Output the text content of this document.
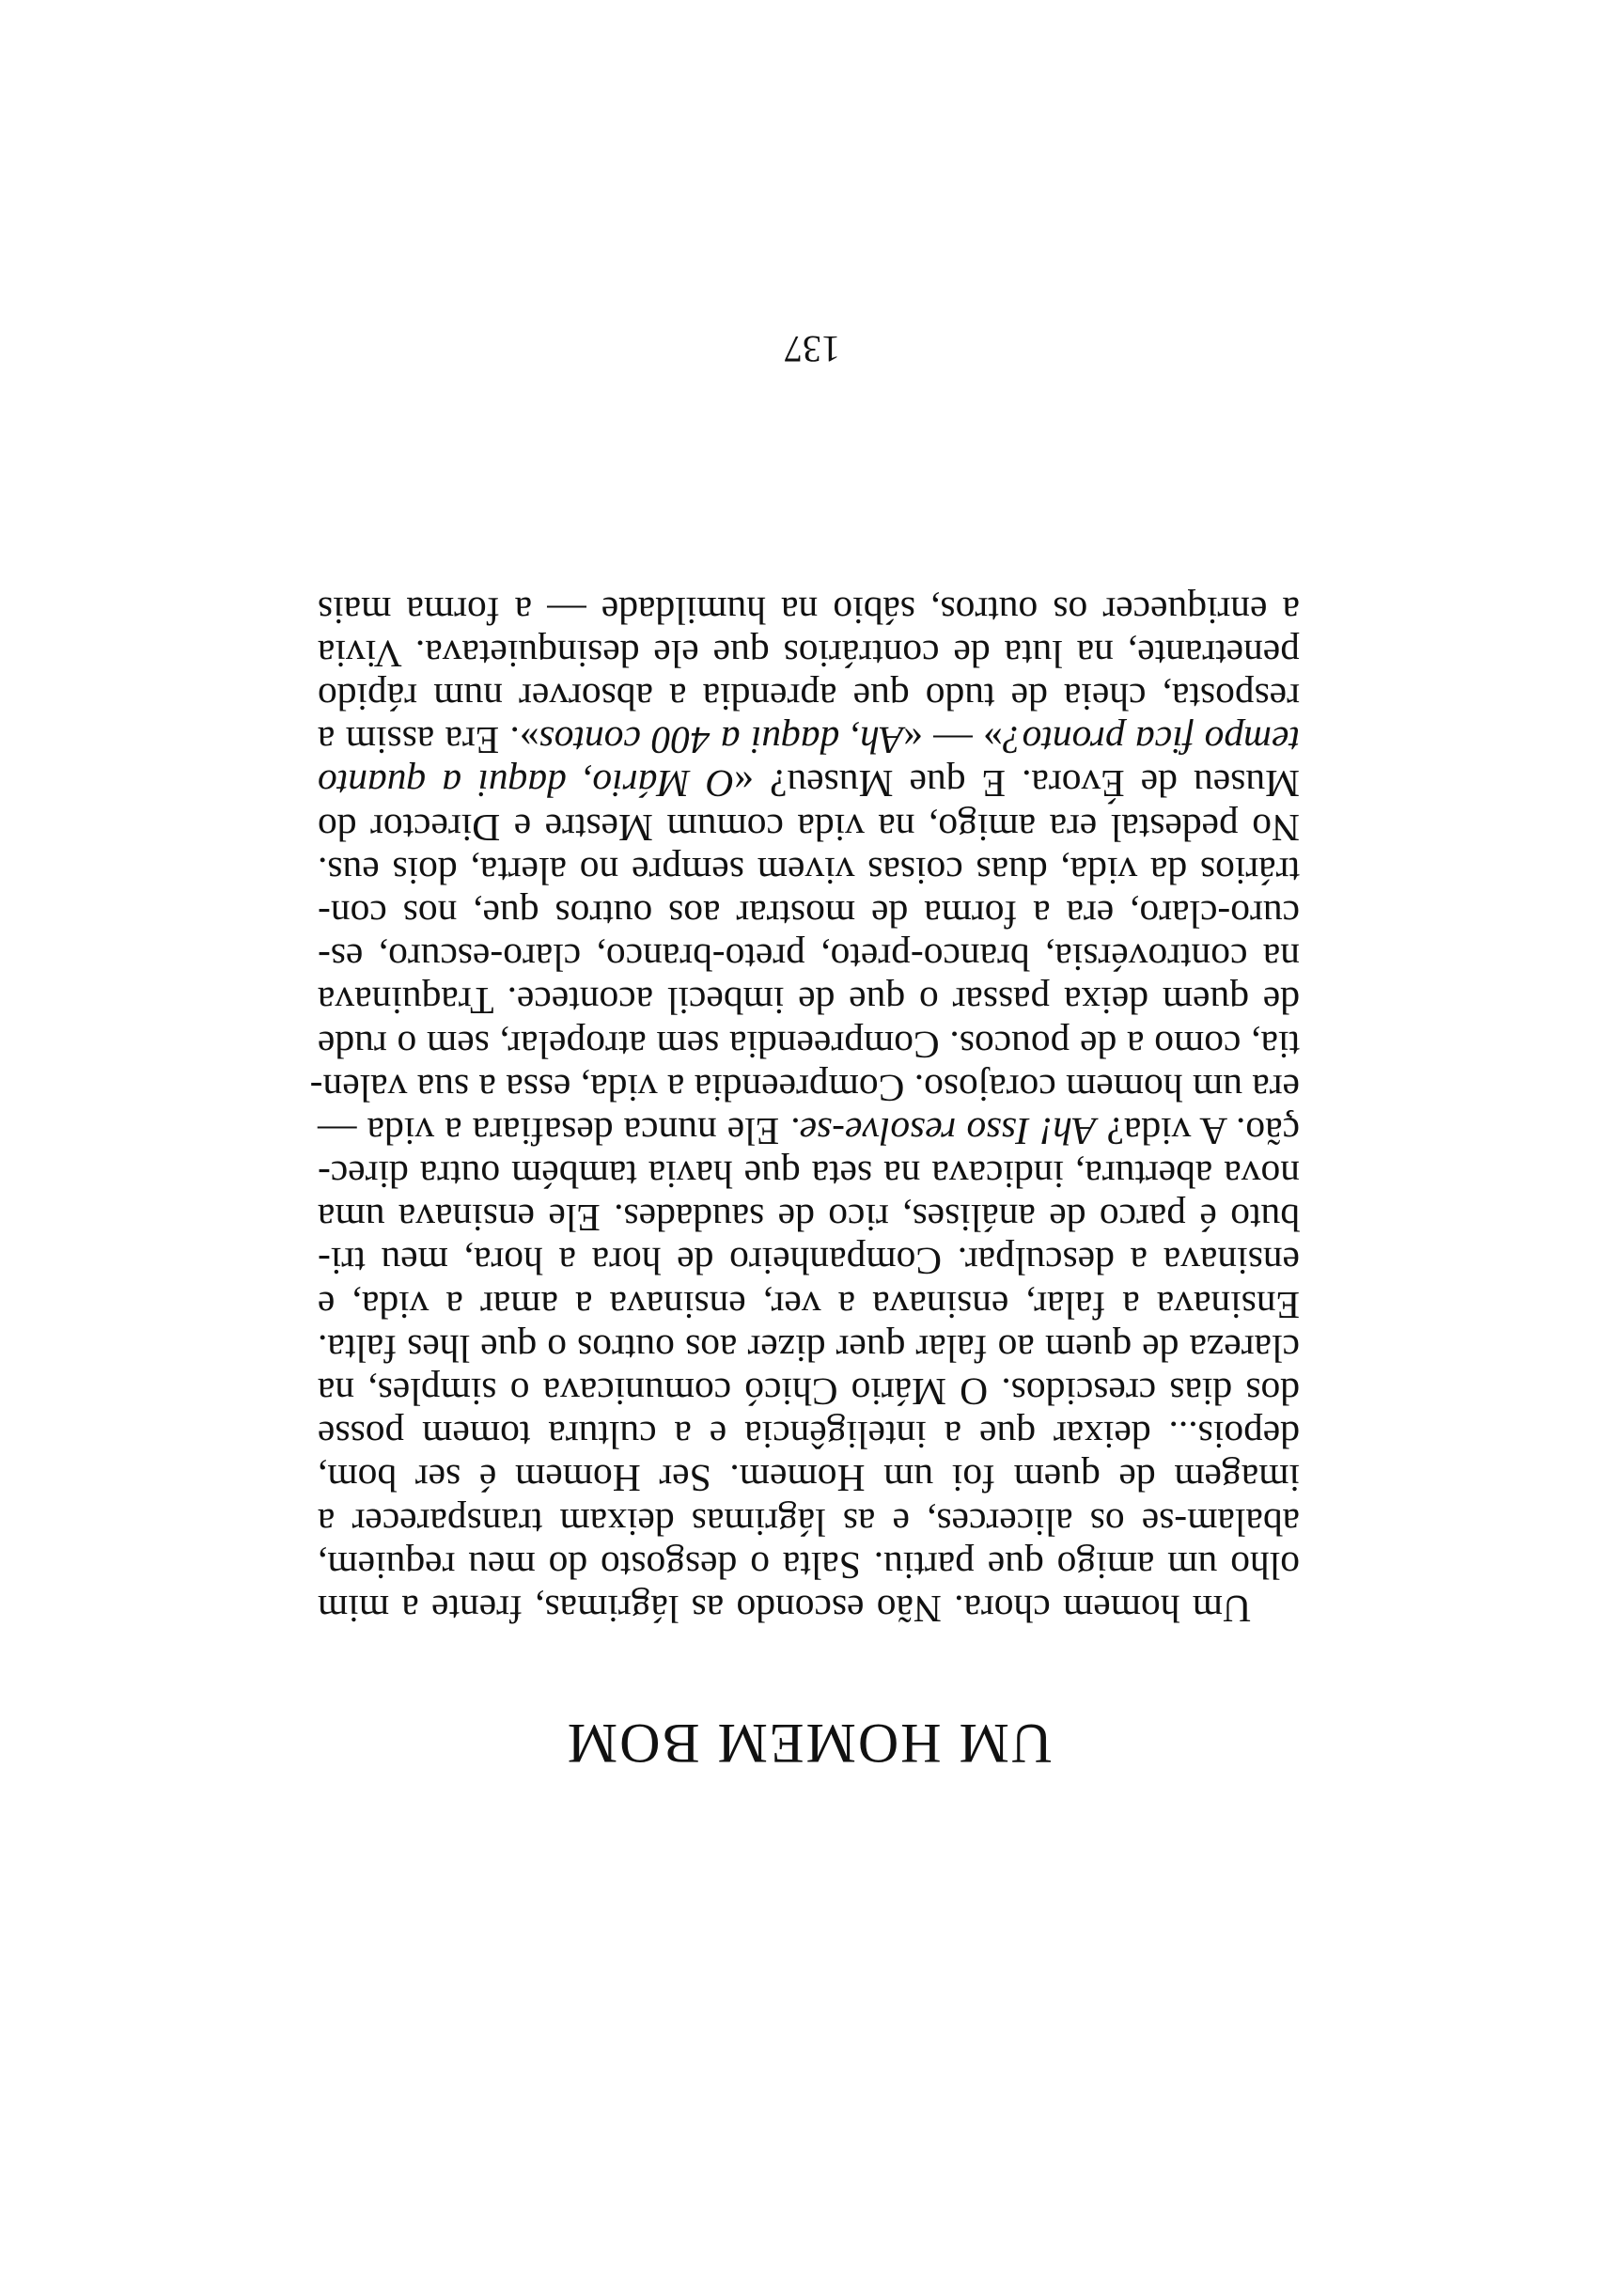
UM HOMEM BOM
Um homem chora. Não escondo as lágrimas, frente a mim
olho um amigo que partiu. Salta o desgosto do meu requiem,
abalam-se os alicerces, e as lágrimas deixam transparecer a
imagem de quem foi um Homem. Ser Homem é ser bom,
depois... deixar que a inteligência e a cultura tomem posse
dos dias crescidos. O Mário Chicó comunicava o simples, na
clareza de quem ao falar quer dizer aos outros o que lhes falta.
Ensinava a falar, ensinava a ver, ensinava a amar a vida, e
ensinava a desculpar. Companheiro de hora a hora, meu tri-
buto é parco de análises, rico de saudades. Ele ensinava uma
nova abertura, indicava na seta que havia também outra direc-
ção. A vida? Ah! Isso resolve-se. Ele nunca desafiara a vida —
era um homem corajoso. Compreendia a vida, essa a sua valen-
tia, como a de poucos. Compreendia sem atropelar, sem o rude
de quem deixa passar o que de imbecil acontece. Traquinava
na controvérsia, branco-preto, preto-branco, claro-escuro, es-
curo-claro, era a forma de mostrar aos outros que, nos con-
trários da vida, duas coisas vivem sempre no alerta, dois eus.
No pedestal era amigo, na vida comum Mestre e Director do
Museu de Évora. E que Museu? «O Mário, daqui a quanto
tempo fica pronto?» — «Ah, daqui a 400 contos». Era assim a
resposta, cheia de tudo que aprendia a absorver num rápido
penetrante, na luta de contrários que ele desinquietava. Vivia
a enriquecer os outros, sábio na humildade — a forma mais
137
